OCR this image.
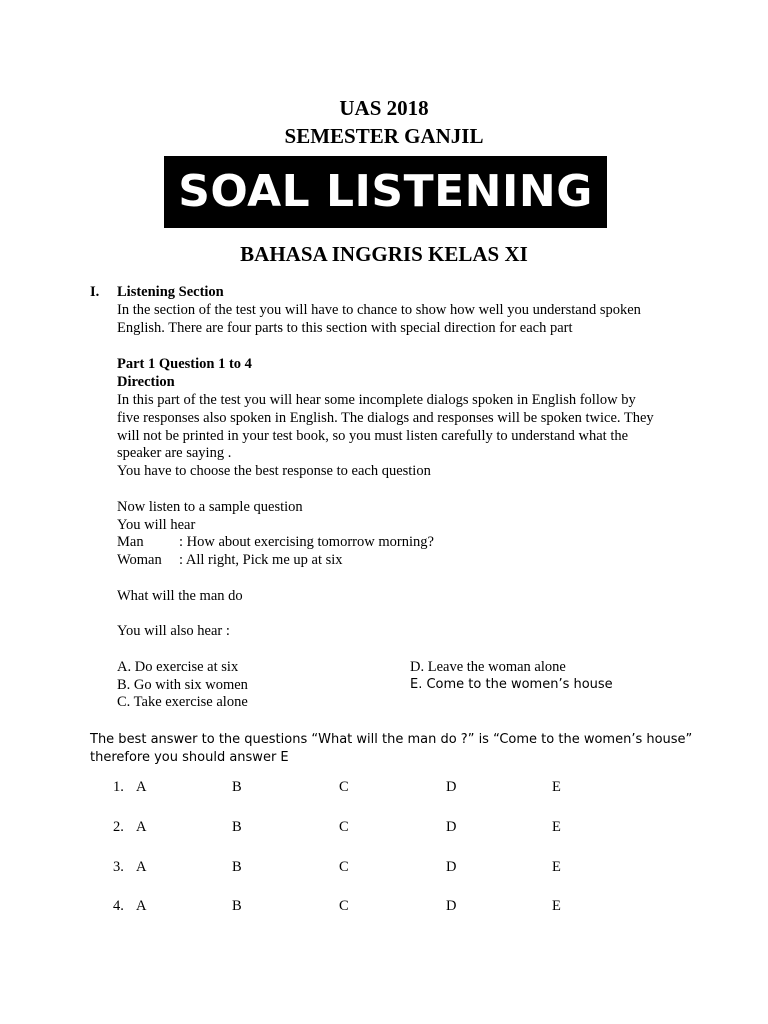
UAS 2018
SEMESTER GANJIL
SOAL LISTENING
BAHASA INGGRIS KELAS XI
I. Listening Section
In the section of the test you will have to chance to show how well you understand spoken
English. There are four parts to this section with special direction for each part
Part 1 Question 1 to 4
Direction
In this part of the test you will hear some incomplete dialogs spoken in English follow by
five responses also spoken in English. The dialogs and responses will be spoken twice. They
will not be printed in your test book, so you must listen carefully to understand what the
speaker are saying .
You have to choose the best response to each question
Now listen to a sample question
You will hear
Man : How about exercising tomorrow morning?
Woman : All right, Pick me up at six
What will the man do
You will also hear :
A. Do exercise at six
B. Go with six women
C. Take exercise alone
D. Leave the woman alone
E. Come to the women’s house
The best answer to the questions “What will the man do ?” is “Come to the women’s house”
therefore you should answer E
1. A	B	C	D	E
2. A	B	C	D	E
3. A	B	C	D	E
4. A	B	C	D	E
